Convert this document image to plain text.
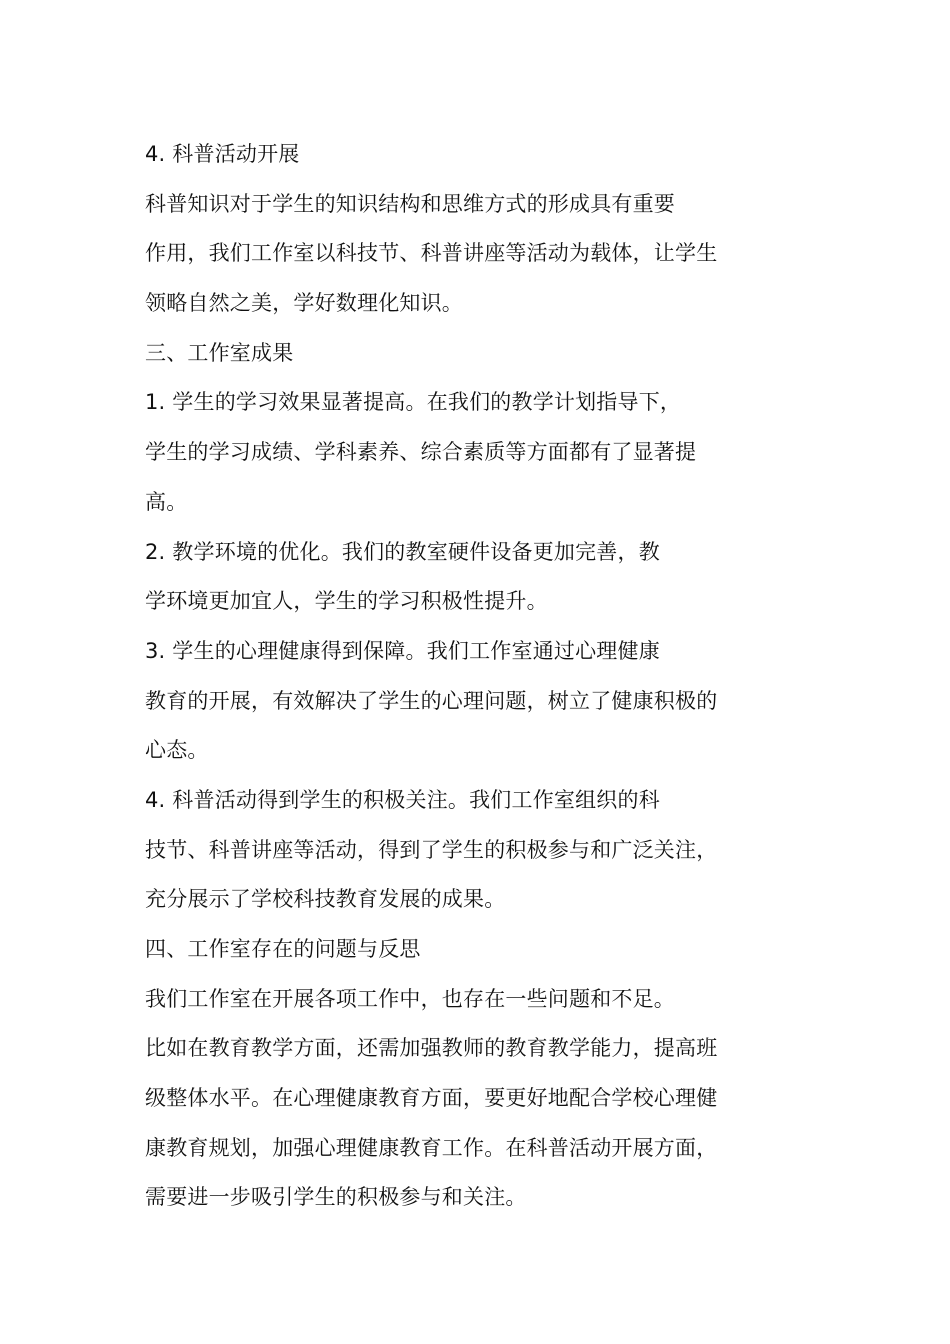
4. 科普活动开展
科普知识对于学生的知识结构和思维方式的形成具有重要
作用，我们工作室以科技节、科普讲座等活动为载体，让学生
领略自然之美，学好数理化知识。
三、工作室成果
1. 学生的学习效果显著提高。在我们的教学计划指导下，
学生的学习成绩、学科素养、综合素质等方面都有了显著提
高。
2. 教学环境的优化。我们的教室硬件设备更加完善，教
学环境更加宜人，学生的学习积极性提升。
3. 学生的心理健康得到保障。我们工作室通过心理健康
教育的开展，有效解决了学生的心理问题，树立了健康积极的
心态。
4. 科普活动得到学生的积极关注。我们工作室组织的科
技节、科普讲座等活动，得到了学生的积极参与和广泛关注，
充分展示了学校科技教育发展的成果。
四、工作室存在的问题与反思
我们工作室在开展各项工作中，也存在一些问题和不足。
比如在教育教学方面，还需加强教师的教育教学能力，提高班
级整体水平。在心理健康教育方面，要更好地配合学校心理健
康教育规划，加强心理健康教育工作。在科普活动开展方面，
需要进一步吸引学生的积极参与和关注。
